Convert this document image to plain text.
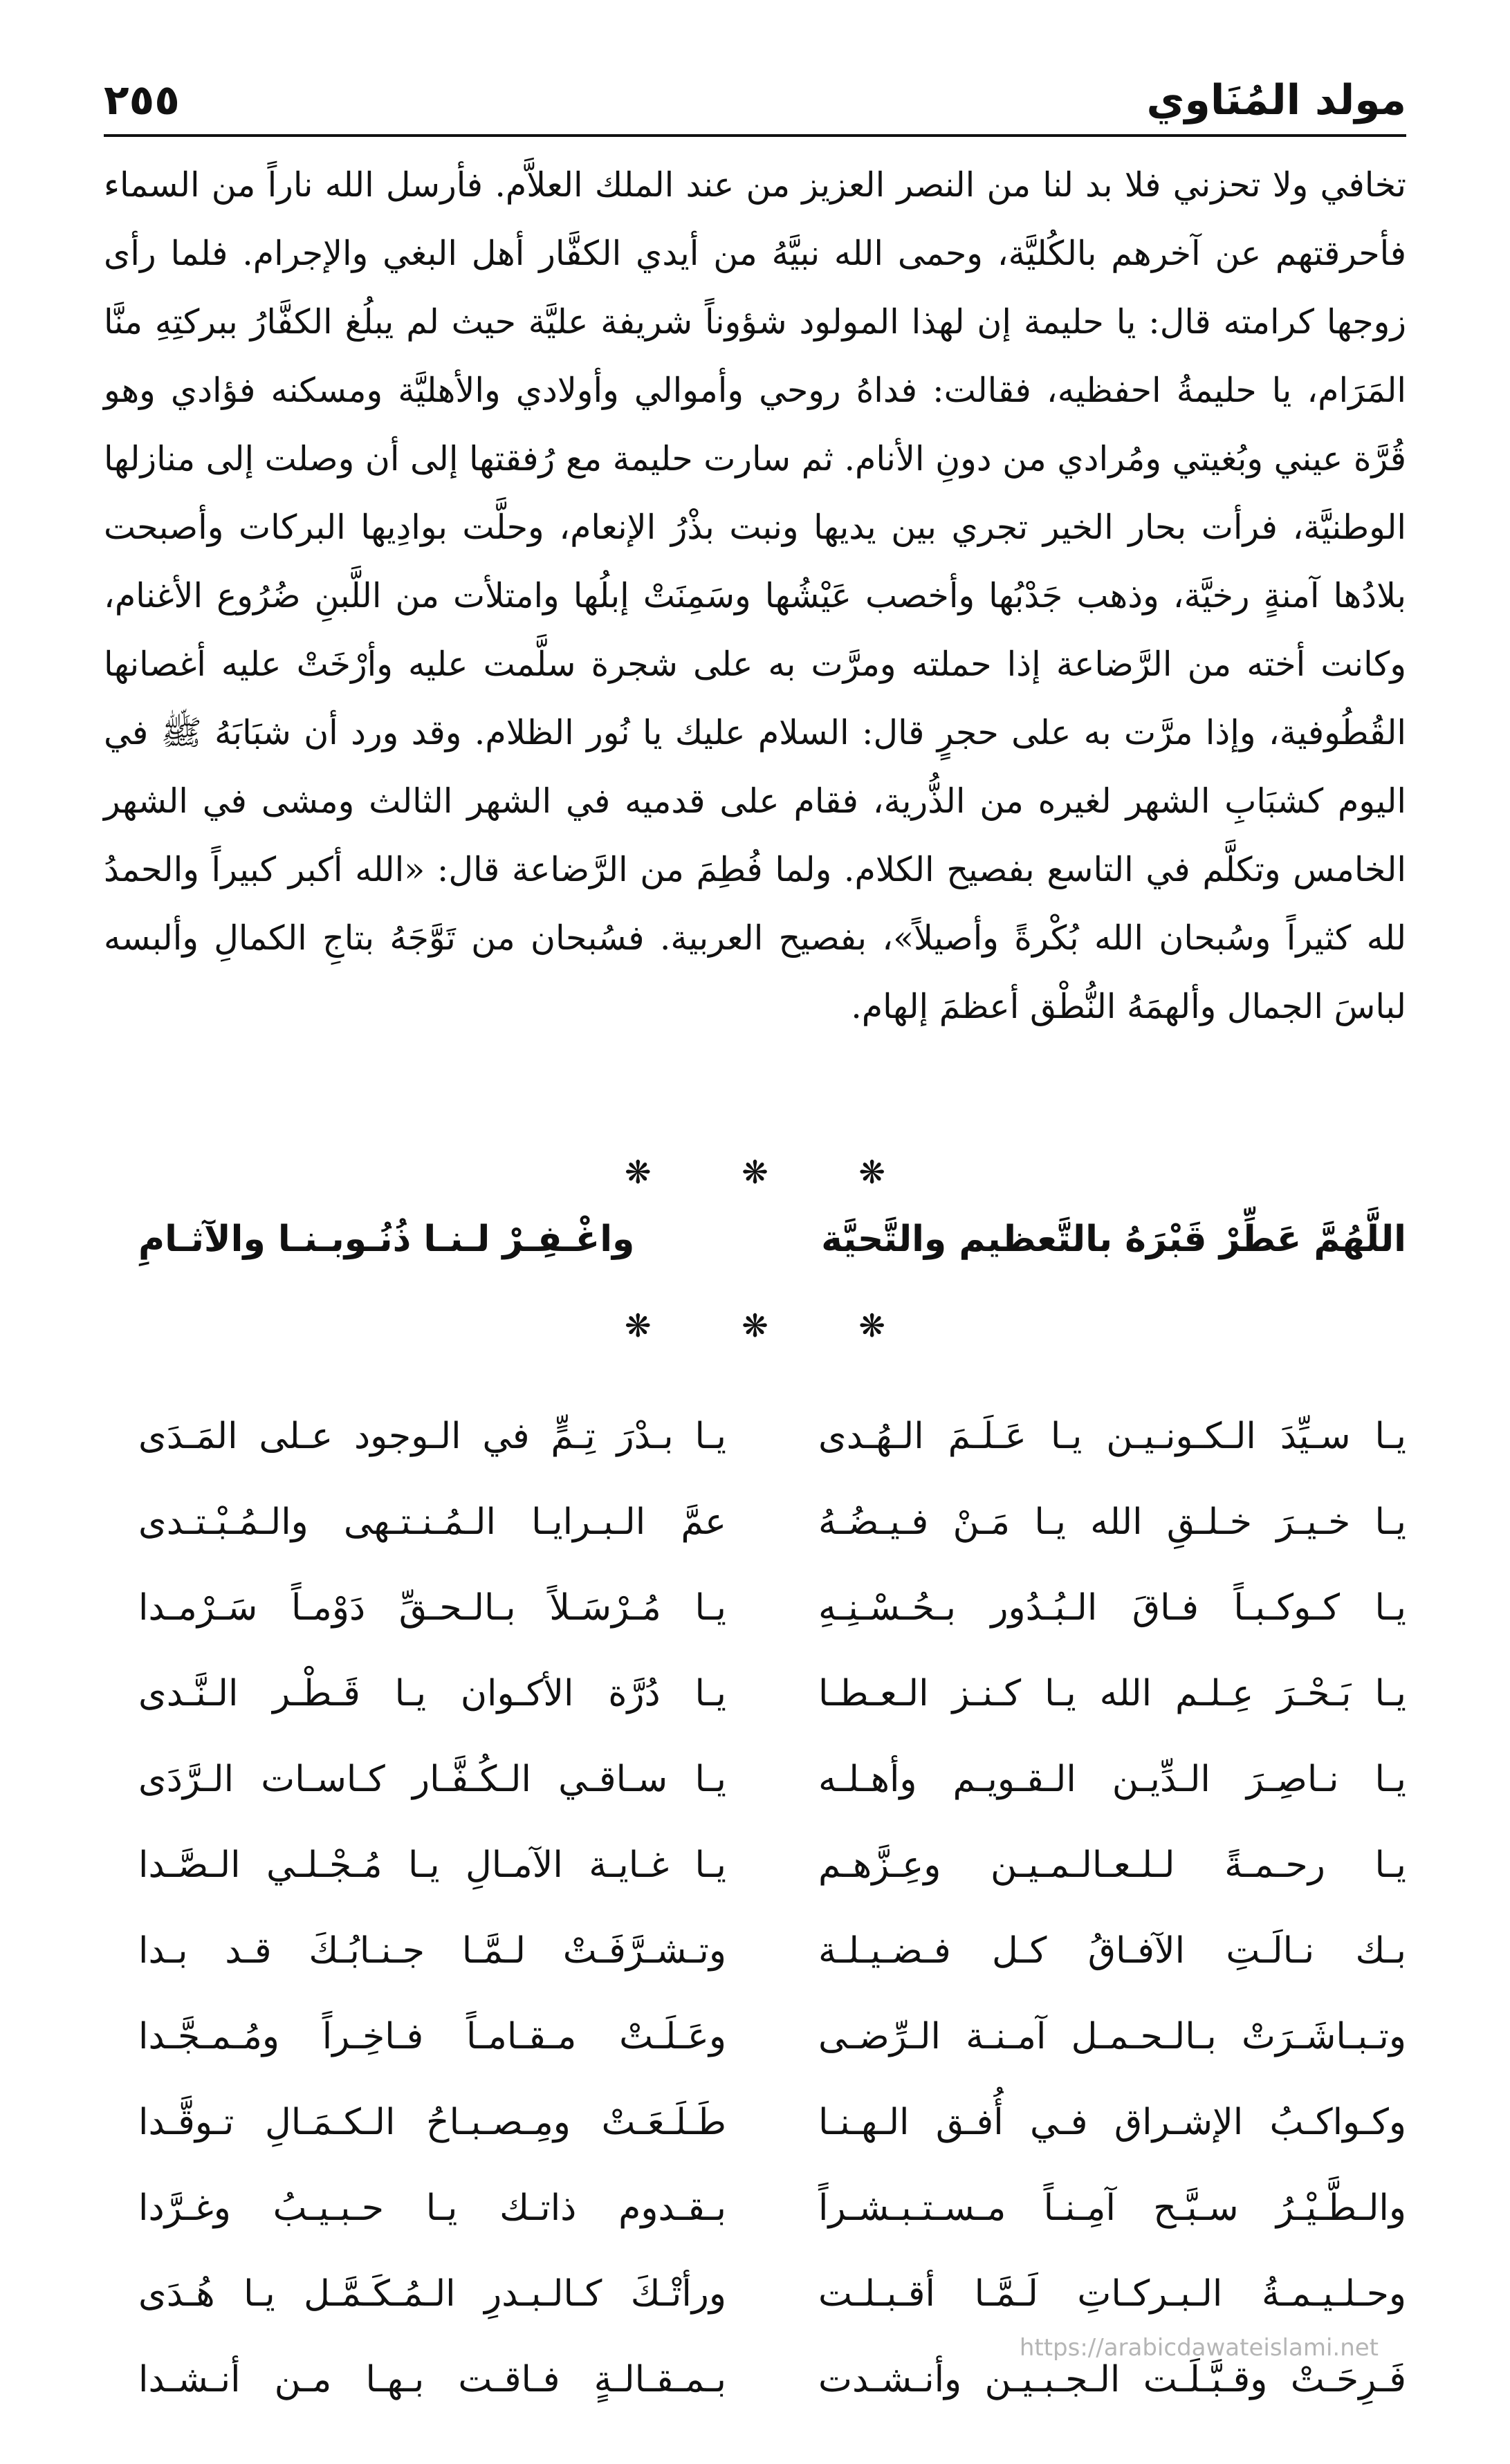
مولد المُنَاوي
٢٥٥

تخافي ولا تحزني فلا بد لنا من النصر العزيز من عند الملك العلاَّم. فأرسل الله ناراً من السماء فأحرقتهم عن آخرهم بالكُليَّة، وحمى الله نبيَّهُ من أيدي الكفَّار أهل البغي والإجرام. فلما رأى زوجها كرامته قال: يا حليمة إن لهذا المولود شؤوناً شريفة عليَّة حيث لم يبلُغ الكفَّارُ ببركتِهِ منَّا المَرَام، يا حليمةُ احفظيه، فقالت: فداهُ روحي وأموالي وأولادي والأهليَّة ومسكنه فؤادي وهو قُرَّة عيني وبُغيتي ومُرادي من دونِ الأنام. ثم سارت حليمة مع رُفقتها إلى أن وصلت إلى منازلها الوطنيَّة، فرأت بحار الخير تجري بين يديها ونبت بذْرُ الإنعام، وحلَّت بوادِيها البركات وأصبحت بلادُها آمنةٍ رخيَّة، وذهب جَدْبُها وأخصب عَيْشُها وسَمِنَتْ إبلُها وامتلأت من اللَّبنِ ضُرُوع الأغنام، وكانت أخته من الرَّضاعة إذا حملته ومرَّت به على شجرة سلَّمت عليه وأرْخَتْ عليه أغصانها القُطُوفية، وإذا مرَّت به على حجرٍ قال: السلام عليك يا نُور الظلام. وقد ورد أن شبَابَهُ ﷺ في اليوم كشبَابِ الشهر لغيره من الذُّرية، فقام على قدميه في الشهر الثالث ومشى في الشهر الخامس وتكلَّم في التاسع بفصيح الكلام. ولما فُطِمَ من الرَّضاعة قال: «الله أكبر كبيراً والحمدُ لله كثيراً وسُبحان الله بُكْرةً وأصيلاً»، بفصيح العربية. فسُبحان من تَوَّجَهُ بتاجِ الكمالِ وألبسه لباسَ الجمال وألهمَهُ النُّطْق أعظمَ إلهام.

❋ ❋ ❋
اللَّهُمَّ عَطِّرْ قَبْرَهُ بالتَّعظيم والتَّحيَّة
واغْـفِـرْ لـنـا ذُنُـوبـنـا والآثـامِ
❋ ❋ ❋
يـا سـيِّدَ الـكـونـيـن يـا عَـلَـمَ الـهُـدى
يـا بـدْرَ تِـمٍّ في الـوجود عـلى المَـدَى
يـا خـيـرَ خـلـقِ الله يـا مَـنْ فـيـضُـهُ
عمَّ الـبـرايـا الـمُـنـتـهى والـمُـبْـتـدى
يـا كـوكـبـاً فـاقَ الـبُـدُور بـحُـسْـنِـهِ
يـا مُـرْسَـلاً بـالـحـقِّ دَوْمـاً سَـرْمـدا
يـا بَـحْـرَ عِـلـم الله يـا كـنـز الـعـطـا
يـا دُرَّة الأكـوان يـا قَـطْـر الـنَّـدى
يـا نـاصِـرَ الـدِّيـن الـقـويـم وأهـلـه
يـا سـاقـي الـكُـفَّـار كـاسـات الـرَّدَى
يـا رحـمـةً لـلـعـالـمـيـن وعِـزَّهـم
يـا غـايـة الآمـالِ يـا مُـجْـلـي الـصَّـدا
بـك نـالَـتِ الآفـاقُ كـل فـضـيـلـة
وتـشـرَّفَـتْ لـمَّـا جـنـابُـكَ قـد بـدا
وتـبـاشَـرَتْ بـالـحـمـل آمـنـة الـرِّضـى
وعَـلَـتْ مـقـامـاً فـاخِـراً ومُـمـجَّـدا
وكـواكـبُ الإشـراق فـي أُفـق الـهـنـا
طَـلَـعَـتْ ومِـصـبـاحُ الـكـمَـالِ تـوقَّـدا
والـطَّـيْـرُ سـبَّـح آمِـنـاً مـسـتـبـشـراً
بـقـدوم ذاتـك يـا حـبـيـبُ وغـرَّدا
وحـلـيـمـةُ الـبـركـاتِ لَـمَّـا أقـبـلـت
ورأتْـكَ كـالـبـدرِ الـمُـكَـمَّـل يـا هُـدَى
فَـرِحَـتْ وقـبَّـلَـت الـجـبـيـن وأنـشـدت
بـمـقـالـةٍ فـاقـت بـهـا مـن أنـشـدا
https://arabicdawateislami.net
